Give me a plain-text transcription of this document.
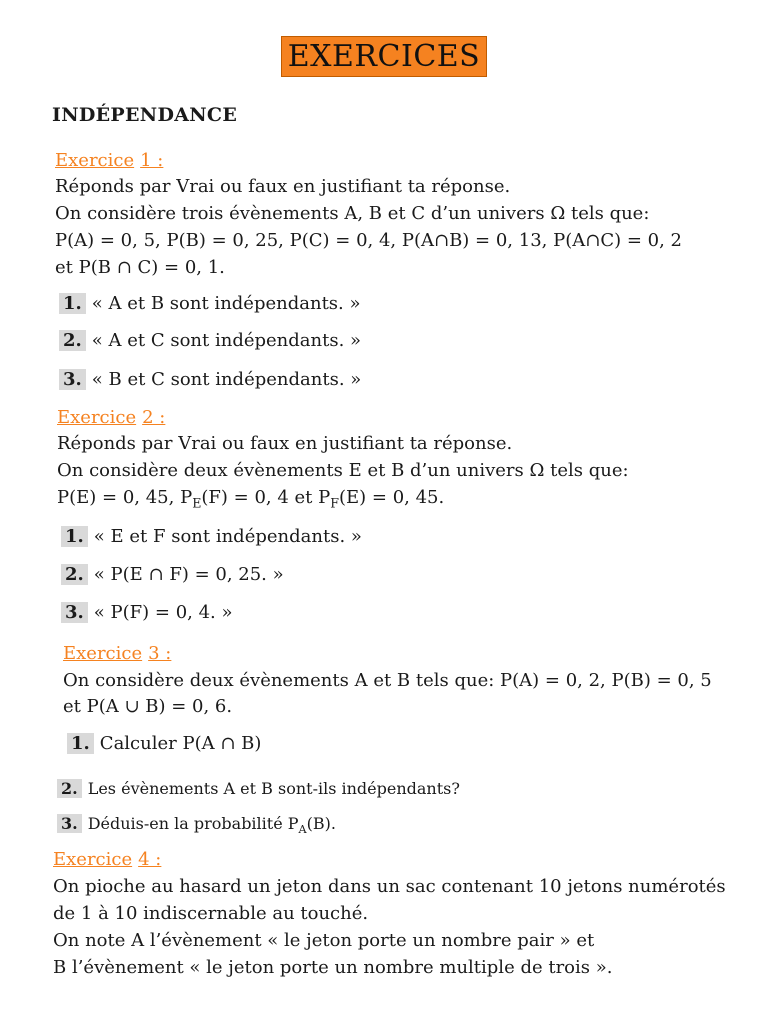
EXERCICES
INDÉPENDANCE
Exercice 1 :
Réponds par Vrai ou faux en justifiant ta réponse.
On considère trois évènements A, B et C d’un univers Ω tels que:
P(A) = 0, 5, P(B) = 0, 25, P(C) = 0, 4, P(A∩B) = 0, 13, P(A∩C) = 0, 2
et P(B ∩ C) = 0, 1.
1. « A et B sont indépendants. »
2. « A et C sont indépendants. »
3. « B et C sont indépendants. »
Exercice 2 :
Réponds par Vrai ou faux en justifiant ta réponse.
On considère deux évènements E et B d’un univers Ω tels que:
P(E) = 0, 45, $P_E(F) = 0$, 4 et $P_F(E) = 0$, 45.
1. « E et F sont indépendants. »
2. « P(E ∩ F) = 0, 25. »
3. « P(F) = 0, 4. »
Exercice 3 :
On considère deux évènements A et B tels que: P(A) = 0, 2, P(B) = 0, 5
et P(A ∪ B) = 0, 6.
1. Calculer P(A ∩ B)
2. Les évènements A et B sont-ils indépendants?
3. Déduis-en la probabilité $P_A(B)$.
Exercice 4 :
On pioche au hasard un jeton dans un sac contenant 10 jetons numérotés
de 1 à 10 indiscernable au touché.
On note A l’évènement « le jeton porte un nombre pair » et
B l’évènement « le jeton porte un nombre multiple de trois ».
